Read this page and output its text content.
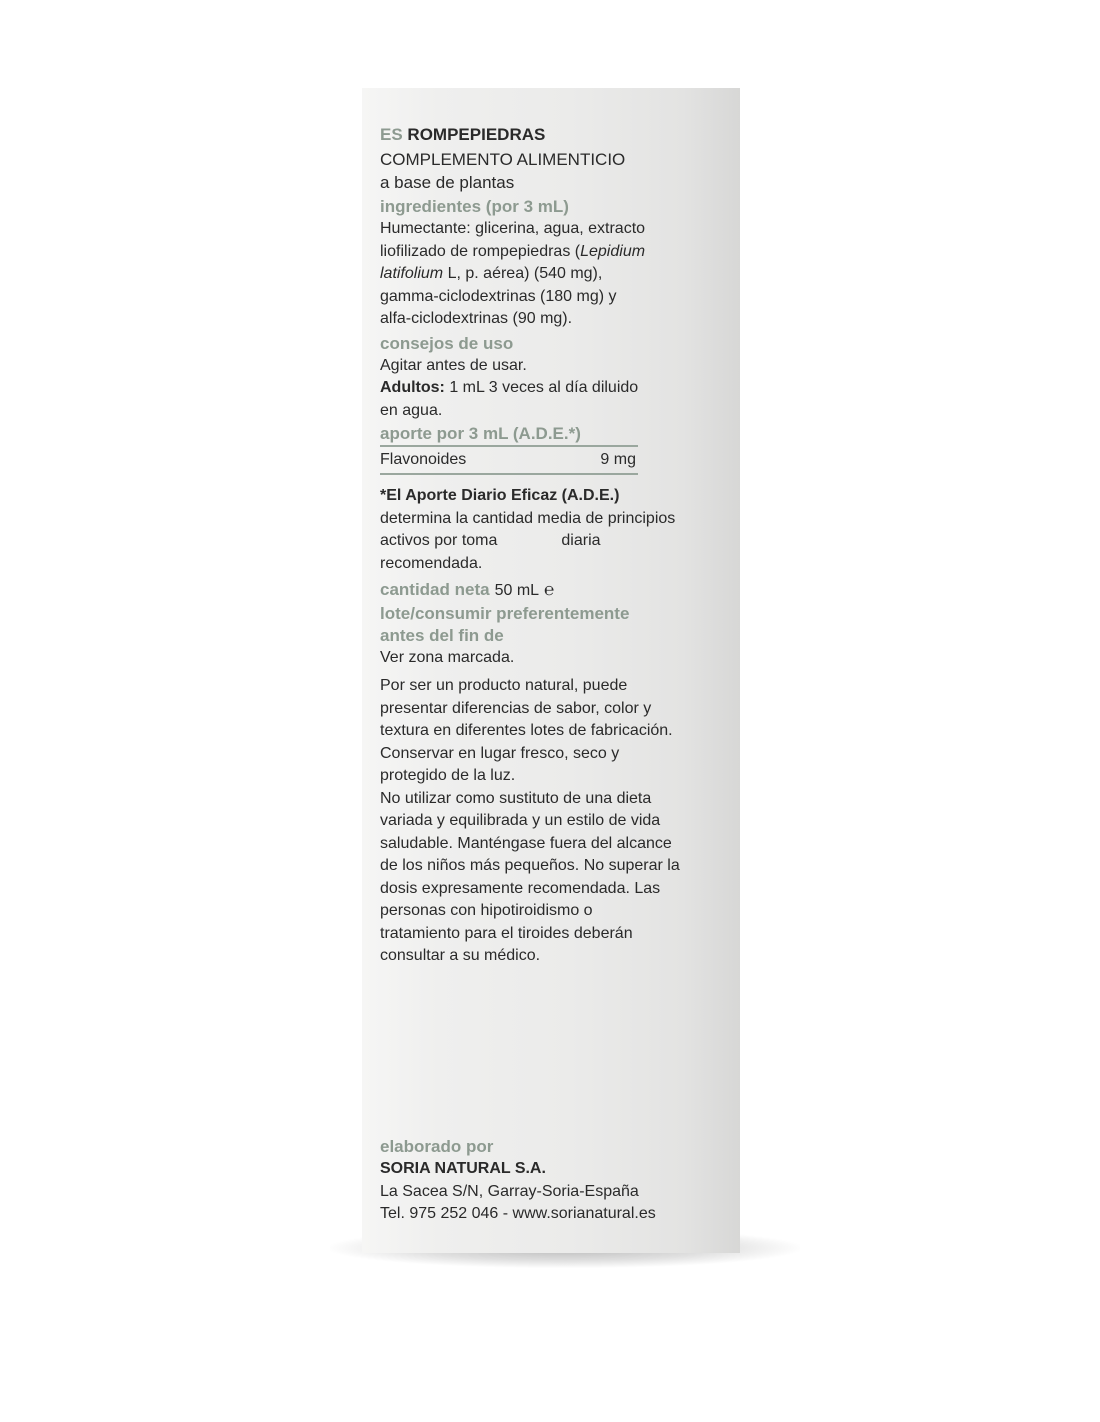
ES ROMPEPIEDRAS
COMPLEMENTO ALIMENTICIO
a base de plantas
ingredientes (por 3 mL)
Humectante: glicerina, agua, extracto
liofilizado de rompepiedras (Lepidium
latifolium L, p. aérea) (540 mg),
gamma-ciclodextrinas (180 mg) y
alfa-ciclodextrinas (90 mg).
consejos de uso
Agitar antes de usar.
Adultos: 1 mL 3 veces al día diluido
en agua.
aporte por 3 mL (A.D.E.*)
Flavonoides	9 mg
*El Aporte Diario Eficaz (A.D.E.)
determina la cantidad media de principios
activos por toma	diaria
recomendada.
cantidad neta 50 mL ℮
lote/consumir preferentemente
antes del fin de
Ver zona marcada.
Por ser un producto natural, puede
presentar diferencias de sabor, color y
textura en diferentes lotes de fabricación.
Conservar en lugar fresco, seco y
protegido de la luz.
No utilizar como sustituto de una dieta
variada y equilibrada y un estilo de vida
saludable. Manténgase fuera del alcance
de los niños más pequeños. No superar la
dosis expresamente recomendada. Las
personas con hipotiroidismo o
tratamiento para el tiroides deberán
consultar a su médico.
elaborado por
SORIA NATURAL S.A.
La Sacea S/N, Garray-Soria-España
Tel. 975 252 046 - www.sorianatural.es
